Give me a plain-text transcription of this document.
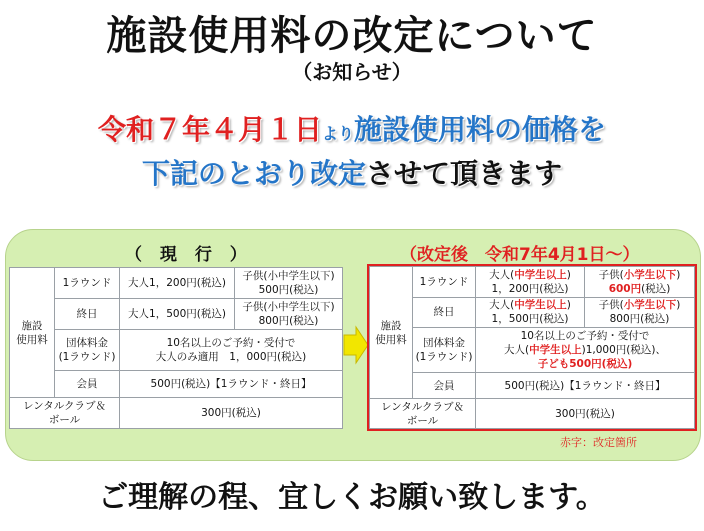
施設使用料の改定について
（お知らせ）
令和７年４月１日より施設使用料の価格を
下記のとおり改定させて頂きます
（ 現 行 ）	（改定後　令和7年4月1日～）
施設
使用料	1ラウンド	大人1，200円(税込)	子供(小中学生以下)
500円(税込)
	終日	大人1，500円(税込)	子供(小中学生以下)
800円(税込)
	団体料金
(1ラウンド)	10名以上のご予約・受付で
大人のみ適用　1，000円(税込)	
	会員	500円(税込)【1ラウンド・終日】	
レンタルクラブ＆
ボール		300円(税込)	
施設
使用料	1ラウンド	大人(中学生以上)
1，200円(税込)	子供(小学生以下)
600円(税込)
	終日	大人(中学生以上)
1，500円(税込)	子供(小学生以下)
800円(税込)
	団体料金
(1ラウンド)	10名以上のご予約・受付で
大人(中学生以上)1,000円(税込)、
子ども500円(税込)	
	会員	500円(税込)【1ラウンド・終日】	
レンタルクラブ＆
ボール		300円(税込)	
赤字：改定箇所
ご理解の程、宜しくお願い致します。
